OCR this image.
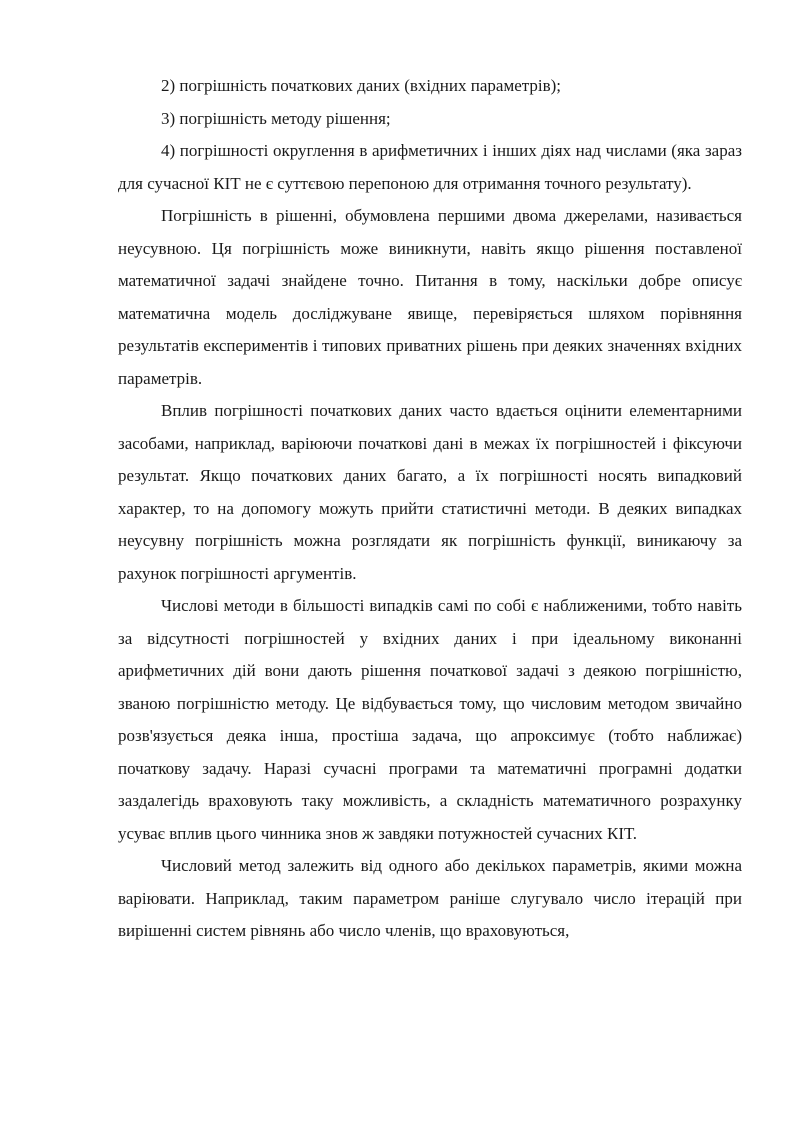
2) погрішність початкових даних (вхідних параметрів);

3) погрішність методу рішення;

4) погрішності округлення в арифметичних і інших діях над числами (яка зараз для сучасної КІТ не є суттєвою перепоною для отримання точного результату).

Погрішність в рішенні, обумовлена першими двома джерелами, називається неусувною. Ця погрішність може виникнути, навіть якщо рішення поставленої математичної задачі знайдене точно. Питання в тому, наскільки добре описує математична модель досліджуване явище, перевіряється шляхом порівняння результатів експериментів і типових приватних рішень при деяких значеннях вхідних параметрів.

Вплив погрішності початкових даних часто вдається оцінити елементарними засобами, наприклад, варіюючи початкові дані в межах їх погрішностей і фіксуючи результат. Якщо початкових даних багато, а їх погрішності носять випадковий характер, то на допомогу можуть прийти статистичні методи. В деяких випадках неусувну погрішність можна розглядати як погрішність функції, виникаючу за рахунок погрішності аргументів.

Числові методи в більшості випадків самі по собі є наближеними, тобто навіть за відсутності погрішностей у вхідних даних і при ідеальному виконанні арифметичних дій вони дають рішення початкової задачі з деякою погрішністю, званою погрішністю методу. Це відбувається тому, що числовим методом звичайно розв'язується деяка інша, простіша задача, що апроксимує (тобто наближає) початкову задачу. Наразі сучасні програми та математичні програмні додатки заздалегідь враховують таку можливість, а складність математичного розрахунку усуває вплив цього чинника знов ж завдяки потужностей сучасних КІТ.

Числовий метод залежить від одного або декількох параметрів, якими можна варіювати. Наприклад, таким параметром раніше слугувало число ітерацій при вирішенні систем рівнянь або число членів, що враховуються,
